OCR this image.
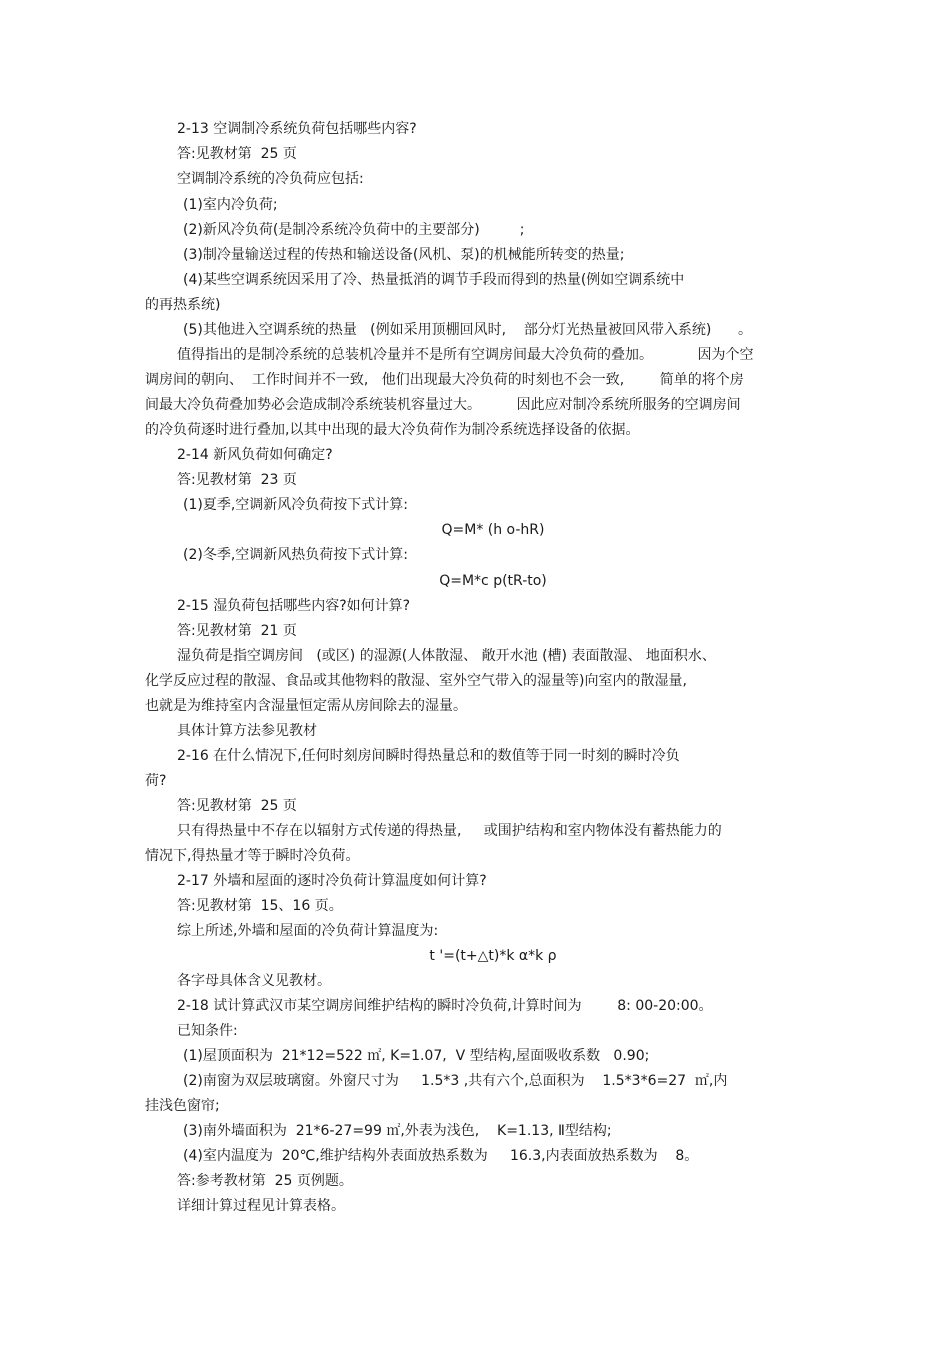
2-13 空调制冷系统负荷包括哪些内容?
答:见教材第  25 页
空调制冷系统的冷负荷应包括:
(1)室内冷负荷;
(2)新风冷负荷(是制冷系统冷负荷中的主要部分)         ;
(3)制冷量输送过程的传热和输送设备(风机、泵)的机械能所转变的热量;
(4)某些空调系统因采用了冷、热量抵消的调节手段而得到的热量(例如空调系统中
的再热系统)
(5)其他进入空调系统的热量   (例如采用顶棚回风时,    部分灯光热量被回风带入系统)      。
值得指出的是制冷系统的总装机冷量并不是所有空调房间最大冷负荷的叠加。          因为个空
调房间的朝向、  工作时间并不一致,   他们出现最大冷负荷的时刻也不会一致,        简单的将个房
间最大冷负荷叠加势必会造成制冷系统装机容量过大。        因此应对制冷系统所服务的空调房间
的冷负荷逐时进行叠加,以其中出现的最大冷负荷作为制冷系统选择设备的依据。
2-14 新风负荷如何确定?
答:见教材第  23 页
(1)夏季,空调新风冷负荷按下式计算:
Q=M* (h o-hR)
(2)冬季,空调新风热负荷按下式计算:
Q=M*c p(tR-to)
2-15 湿负荷包括哪些内容?如何计算?
答:见教材第  21 页
湿负荷是指空调房间   (或区) 的湿源(人体散湿、 敞开水池 (槽) 表面散湿、 地面积水、
化学反应过程的散湿、食品或其他物料的散湿、室外空气带入的湿量等)向室内的散湿量,
也就是为维持室内含湿量恒定需从房间除去的湿量。
具体计算方法参见教材
2-16 在什么情况下,任何时刻房间瞬时得热量总和的数值等于同一时刻的瞬时冷负
荷?
答:见教材第  25 页
只有得热量中不存在以辐射方式传递的得热量,     或围护结构和室内物体没有蓄热能力的
情况下,得热量才等于瞬时冷负荷。
2-17 外墙和屋面的逐时冷负荷计算温度如何计算?
答:见教材第  15、16 页。
综上所述,外墙和屋面的冷负荷计算温度为:
t '=(t+△t)*k α*k ρ
各字母具体含义见教材。
2-18 试计算武汉市某空调房间维护结构的瞬时冷负荷,计算时间为        8: 00-20:00。
已知条件:
(1)屋顶面积为  21*12=522 ㎡, K=1.07,  V 型结构,屋面吸收系数   0.90;
(2)南窗为双层玻璃窗。外窗尺寸为     1.5*3 ,共有六个,总面积为    1.5*3*6=27  ㎡,内
挂浅色窗帘;
(3)南外墙面积为  21*6-27=99 ㎡,外表为浅色,    K=1.13, Ⅱ型结构;
(4)室内温度为  20℃,维护结构外表面放热系数为     16.3,内表面放热系数为    8。
答:参考教材第  25 页例题。
详细计算过程见计算表格。
